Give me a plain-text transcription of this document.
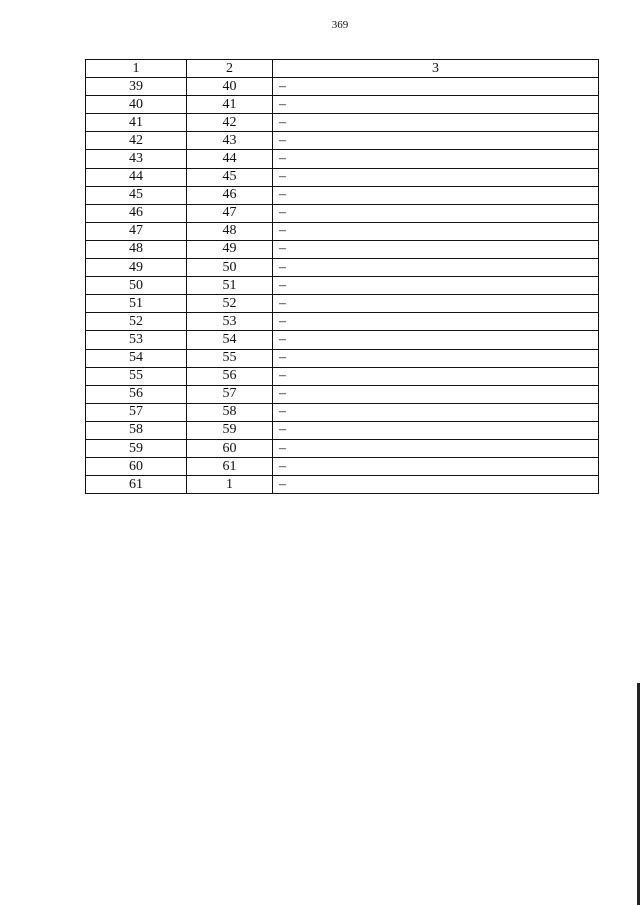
369
1	2	3
39	40	–
40	41	–
41	42	–
42	43	–
43	44	–
44	45	–
45	46	–
46	47	–
47	48	–
48	49	–
49	50	–
50	51	–
51	52	–
52	53	–
53	54	–
54	55	–
55	56	–
56	57	–
57	58	–
58	59	–
59	60	–
60	61	–
61	1	–
